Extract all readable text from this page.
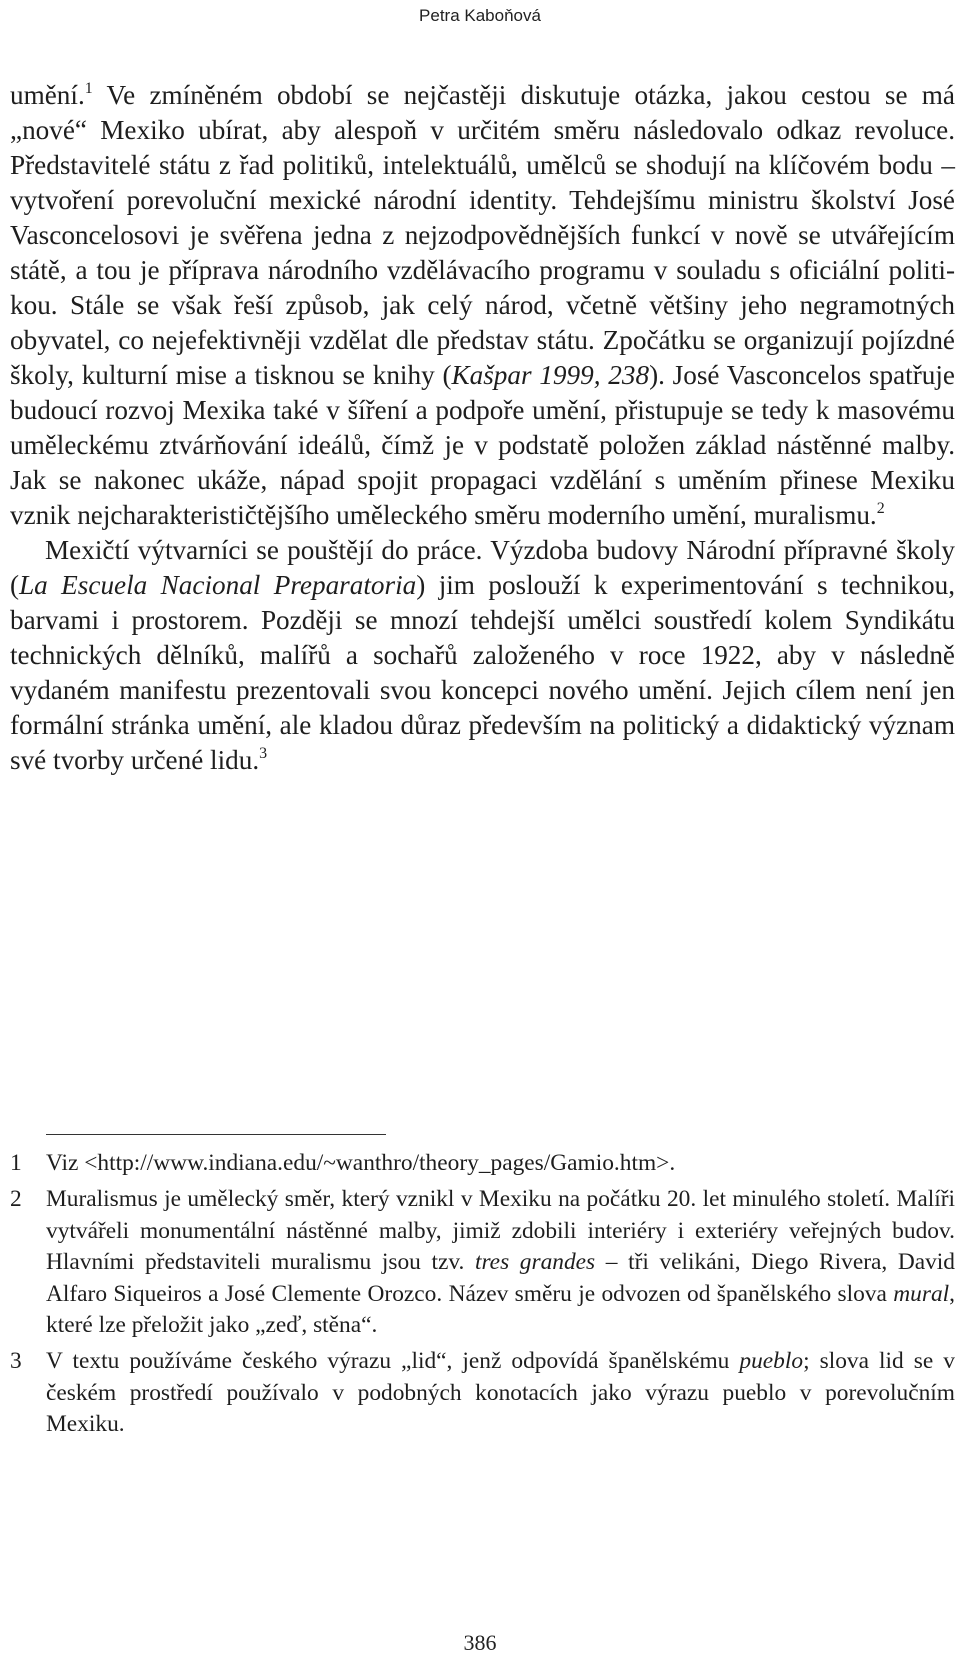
Petra Kaboňová

umění.$^1$ Ve zmíněném období se nejčastěji diskutuje otázka, jakou cestou se má „nové“ Mexiko ubírat, aby alespoň v určitém směru následovalo odkaz revoluce. Představitelé státu z řad politiků, intelektuálů, umělců se shodují na klíčovém bodu – vytvoření porevoluční mexické národní identity. Tehdejšímu ministru školství José Vasconcelosovi je svěřena jedna z nejzodpovědnějších funkcí v nově se utvářejícím státě, a tou je příprava národního vzdělávacího programu v souladu s oficiální politikou. Stále se však řeší způsob, jak celý národ, včetně většiny jeho negramotných obyvatel, co nejefektivněji vzdělat dle představ státu. Zpočátku se organizují pojízdné školy, kulturní mise a tisknou se knihy (Kašpar 1999, 238). José Vasconcelos spatřuje budoucí rozvoj Mexika také v šíření a podpoře umění, přistupuje se tedy k masovému uměleckému ztvárňování ideálů, čímž je v podstatě položen základ nástěnné malby. Jak se nakonec ukáže, nápad spojit propagaci vzdělání s uměním přinese Mexiku vznik nejcharakterističtějšího uměleckého směru moderního umění, muralismu.$^2$

Mexičtí výtvarníci se pouštějí do práce. Výzdoba budovy Národní přípravné školy (La Escuela Nacional Preparatoria) jim poslouží k experimentování s technikou, barvami i prostorem. Později se mnozí tehdejší umělci soustředí kolem Syndikátu technických dělníků, malířů a sochařů založeného v roce 1922, aby v následně vydaném manifestu prezentovali svou koncepci nového umění. Jejich cílem není jen formální stránka umění, ale kladou důraz především na politický a didaktický význam své tvorby určené lidu.$^3$

1	Viz <http://www.indiana.edu/~wanthro/theory_pages/Gamio.htm>.
2	Muralismus je umělecký směr, který vznikl v Mexiku na počátku 20. let minulého století. Malíři vytvářeli monumentální nástěnné malby, jimiž zdobili interiéry i exteriéry veřejných budov. Hlavními představiteli muralismu jsou tzv. tres grandes – tři velikáni, Diego Rivera, David Alfaro Siqueiros a José Clemente Orozco. Název směru je odvozen od španělského slova mural, které lze přeložit jako „zeď, stěna“.
3	V textu používáme českého výrazu „lid“, jenž odpovídá španělskému pueblo; slova lid se v českém prostředí používalo v podobných konotacích jako výrazu pueblo v porevolučním Mexiku.
386
